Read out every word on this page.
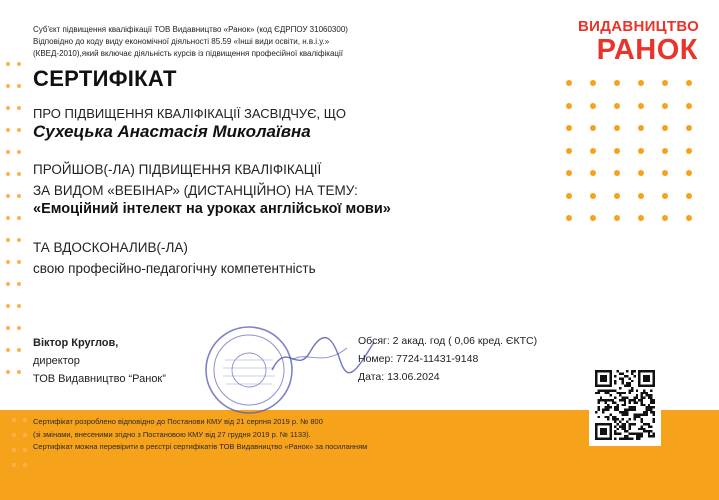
Суб'єкт підвищення кваліфікації ТОВ Видавництво «Ранок» (код ЄДРПОУ 31060300)
Відповідно до коду виду економічної діяльності 85.59 «Інші види освіти, н.в.і.у.»
(КВЕД-2010),який включає діяльність курсів із підвищення професійної кваліфікації
ВИДАВНИЦТВО
РАНОК
СЕРТИФІКАТ
ПРО ПІДВИЩЕННЯ КВАЛІФІКАЦІЇ ЗАСВІДЧУЄ, ЩО
Сухецька Анастасія Миколаївна
ПРОЙШОВ(-ЛА) ПІДВИЩЕННЯ КВАЛІФІКАЦІЇ
ЗА ВИДОМ «ВЕБІНАР» (ДИСТАНЦІЙНО) НА ТЕМУ:
«Емоційний інтелект на уроках англійської мови»
ТА ВДОСКОНАЛИВ(-ЛА)
свою професійно-педагогічну компетентність
Віктор Круглов,
директор
ТОВ Видавництво “Ранок”
Обсяг: 2 акад. год ( 0,06 кред. ЄКТС)
Номер: 7724-11431-9148
Дата: 13.06.2024
Сертифікат розроблено відповідно до Постанови КМУ від 21 серпня 2019 р. № 800
(зі змінами, внесеними згідно з Постановою КМУ від 27 грудня 2019 р. № 1133).
Сертифікат можна перевірити в реєстрі сертифікатів ТОВ Видавництво «Ранок» за посиланням
